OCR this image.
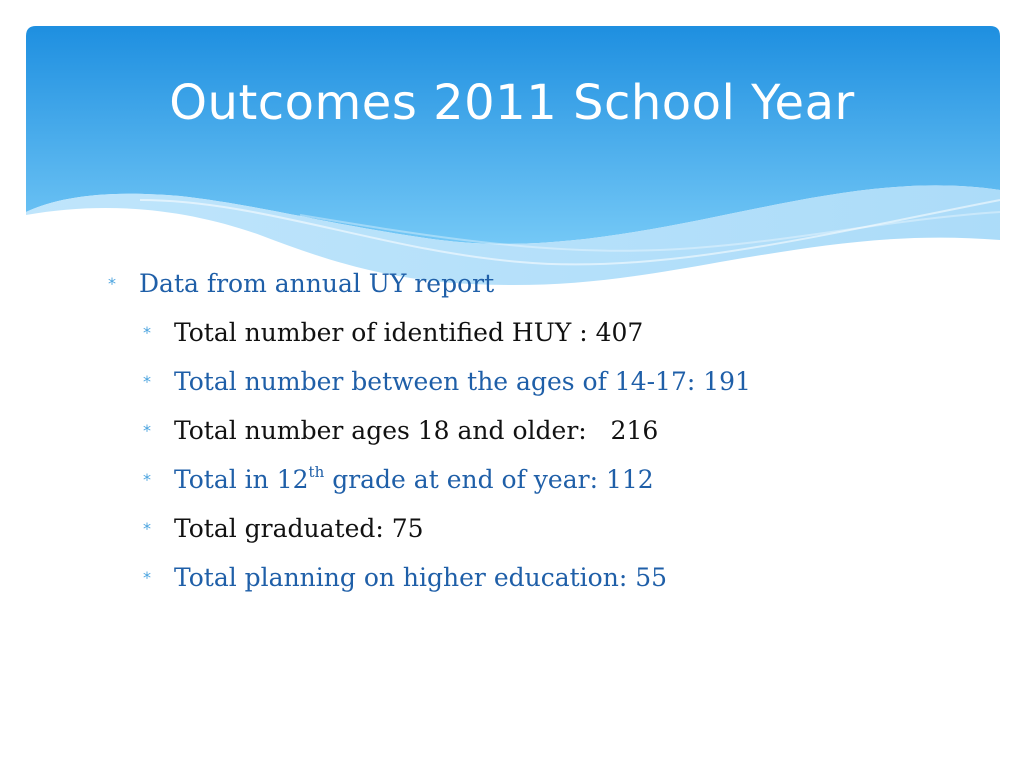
Outcomes 2011 School Year
* Data from annual UY report
* Total number of identified HUY : 407
* Total number between the ages of 14-17: 191
* Total number ages 18 and older:   216
* Total in 12th grade at end of year: 112
* Total graduated: 75
* Total planning on higher education: 55
